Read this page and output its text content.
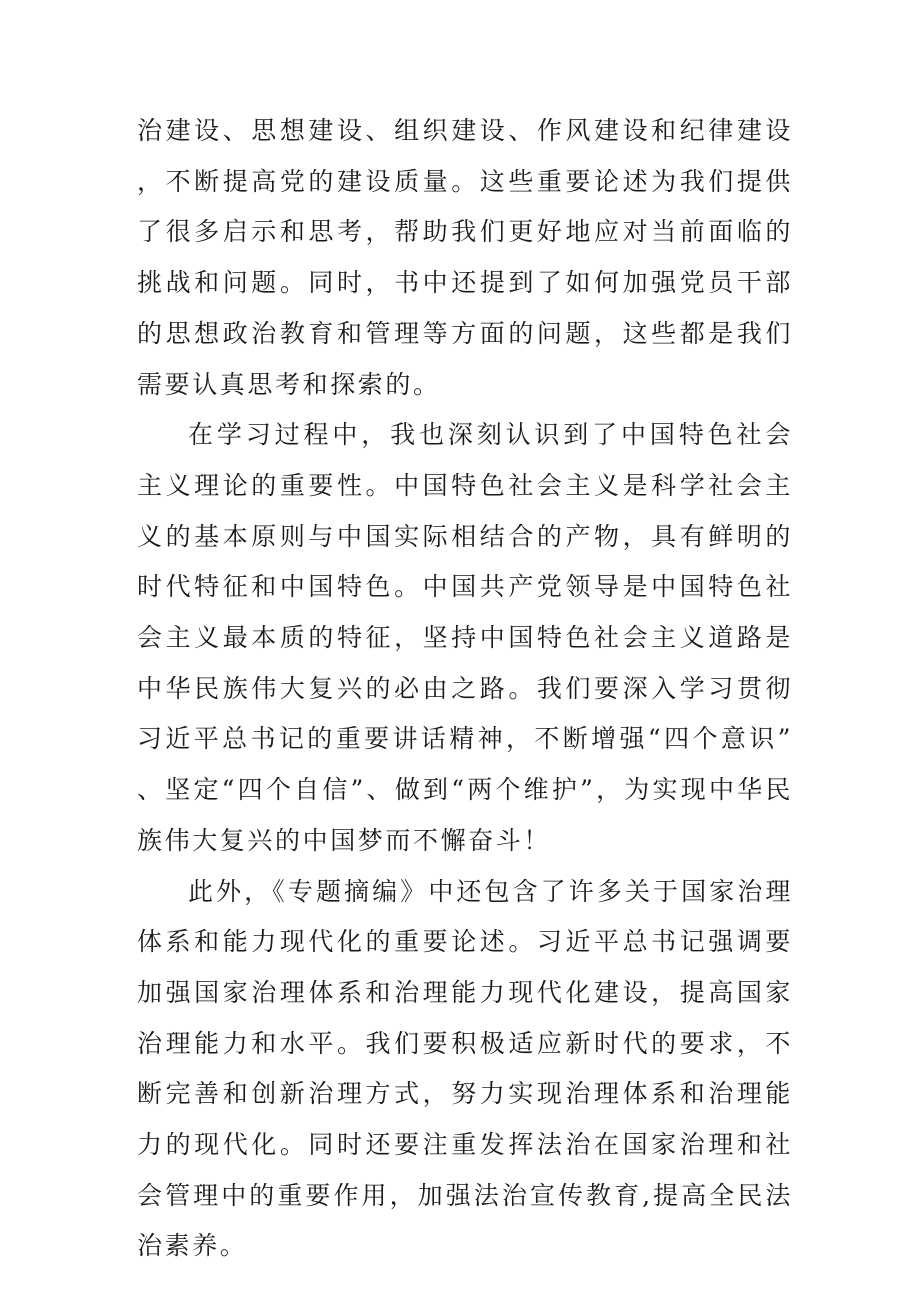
治建设、思想建设、组织建设、作风建设和纪律建设，不断提高党的建设质量。这些重要论述为我们提供了很多启示和思考，帮助我们更好地应对当前面临的挑战和问题。同时，书中还提到了如何加强党员干部的思想政治教育和管理等方面的问题，这些都是我们需要认真思考和探索的。

在学习过程中，我也深刻认识到了中国特色社会主义理论的重要性。中国特色社会主义是科学社会主义的基本原则与中国实际相结合的产物，具有鲜明的时代特征和中国特色。中国共产党领导是中国特色社会主义最本质的特征，坚持中国特色社会主义道路是中华民族伟大复兴的必由之路。我们要深入学习贯彻习近平总书记的重要讲话精神，不断增强“四个意识”、坚定“四个自信”、做到“两个维护”，为实现中华民族伟大复兴的中国梦而不懈奋斗！

此外，《专题摘编》中还包含了许多关于国家治理体系和能力现代化的重要论述。习近平总书记强调要加强国家治理体系和治理能力现代化建设，提高国家治理能力和水平。我们要积极适应新时代的要求，不断完善和创新治理方式，努力实现治理体系和治理能力的现代化。同时还要注重发挥法治在国家治理和社会管理中的重要作用，加强法治宣传教育,提高全民法治素养。
